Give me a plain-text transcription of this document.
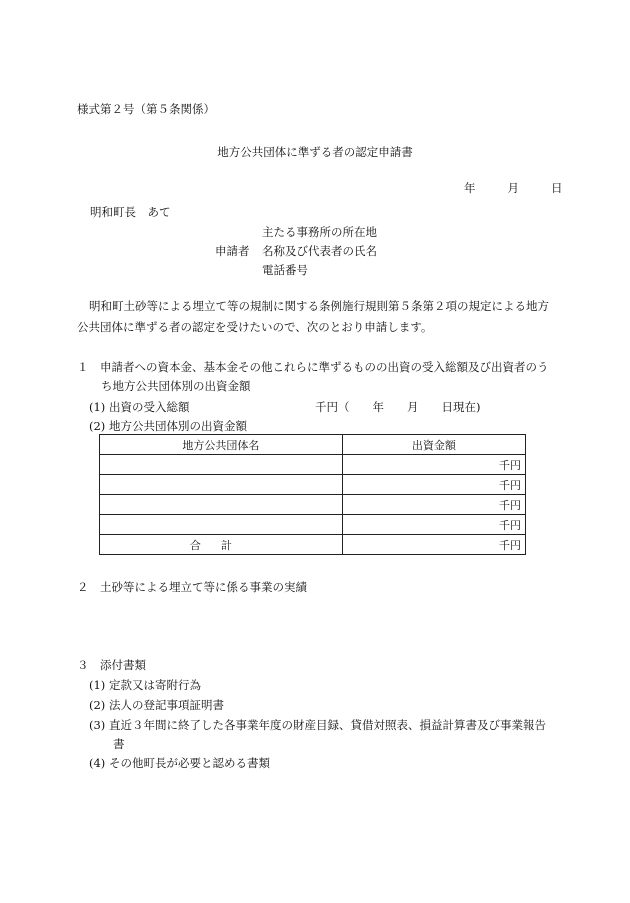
様式第２号（第５条関係）
地方公共団体に準ずる者の認定申請書
年	月	日
明和町長　あて
主たる事務所の所在地
申請者 名称及び代表者の氏名
電話番号
明和町土砂等による埋立て等の規制に関する条例施行規則第５条第２項の規定による地方公共団体に準ずる者の認定を受けたいので、次のとおり申請します。
１　申請者への資本金、基本金その他これらに準ずるものの出資の受入総額及び出資者のうち地方公共団体別の出資金額
(1) 出資の受入総額	千円（　　年　　月　　日現在)
(2) 地方公共団体別の出資金額
地方公共団体名	出資金額
	千円
	千円
	千円
	千円
合計	千円
２　土砂等による埋立て等に係る事業の実績
３　添付書類
(1) 定款又は寄附行為
(2) 法人の登記事項証明書
(3) 直近３年間に終了した各事業年度の財産目録、貸借対照表、損益計算書及び事業報告書
(4) その他町長が必要と認める書類
